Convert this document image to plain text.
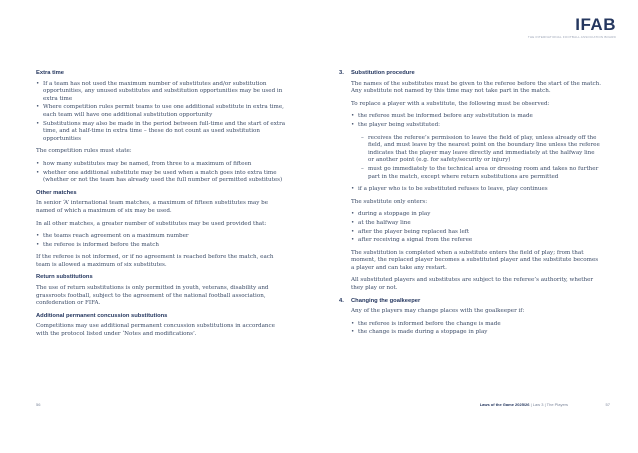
IFAB
THE INTERNATIONAL FOOTBALL ASSOCIATION BOARD
Extra time
• If a team has not used the maximum number of substitutes and/or substitution opportunities, any unused substitutes and substitution opportunities may be used in extra time
• Where competition rules permit teams to use one additional substitute in extra time, each team will have one additional substitution opportunity
• Substitutions may also be made in the period between full-time and the start of extra time, and at half-time in extra time – these do not count as used substitution opportunities

The competition rules must state:

• how many substitutes may be named, from three to a maximum of fifteen
• whether one additional substitute may be used when a match goes into extra time (whether or not the team has already used the full number of permitted substitutes)
Other matches

In senior ‘A’ international team matches, a maximum of fifteen substitutes may be named of which a maximum of six may be used.

In all other matches, a greater number of substitutes may be used provided that:

• the teams reach agreement on a maximum number
• the referee is informed before the match

If the referee is not informed, or if no agreement is reached before the match, each team is allowed a maximum of six substitutes.

Return substitutions

The use of return substitutions is only permitted in youth, veterans, disability and grassroots football, subject to the agreement of the national football association, confederation or FIFA.

Additional permanent concussion substitutions

Competitions may use additional permanent concussion substitutions in accordance with the protocol listed under ‘Notes and modifications’.

3.	Substitution procedure

The names of the substitutes must be given to the referee before the start of the match. Any substitute not named by this time may not take part in the match.

To replace a player with a substitute, the following must be observed:

• the referee must be informed before any substitution is made
• the player being substituted:
– receives the referee’s permission to leave the field of play, unless already off the field, and must leave by the nearest point on the boundary line unless the referee indicates that the player may leave directly and immediately at the halfway line or another point (e.g. for safety/security or injury)
– must go immediately to the technical area or dressing room and takes no further part in the match, except where return substitutions are permitted
• if a player who is to be substituted refuses to leave, play continues

The substitute only enters:

• during a stoppage in play
• at the halfway line
• after the player being replaced has left
• after receiving a signal from the referee

The substitution is completed when a substitute enters the field of play; from that moment, the replaced player becomes a substituted player and the substitute becomes a player and can take any restart.

All substituted players and substitutes are subject to the referee’s authority, whether they play or not.

4.	Changing the goalkeeper

Any of the players may change places with the goalkeeper if:

• the referee is informed before the change is made
• the change is made during a stoppage in play
56	Laws of the Game 2025/26 | Law 3 | The Players	57
